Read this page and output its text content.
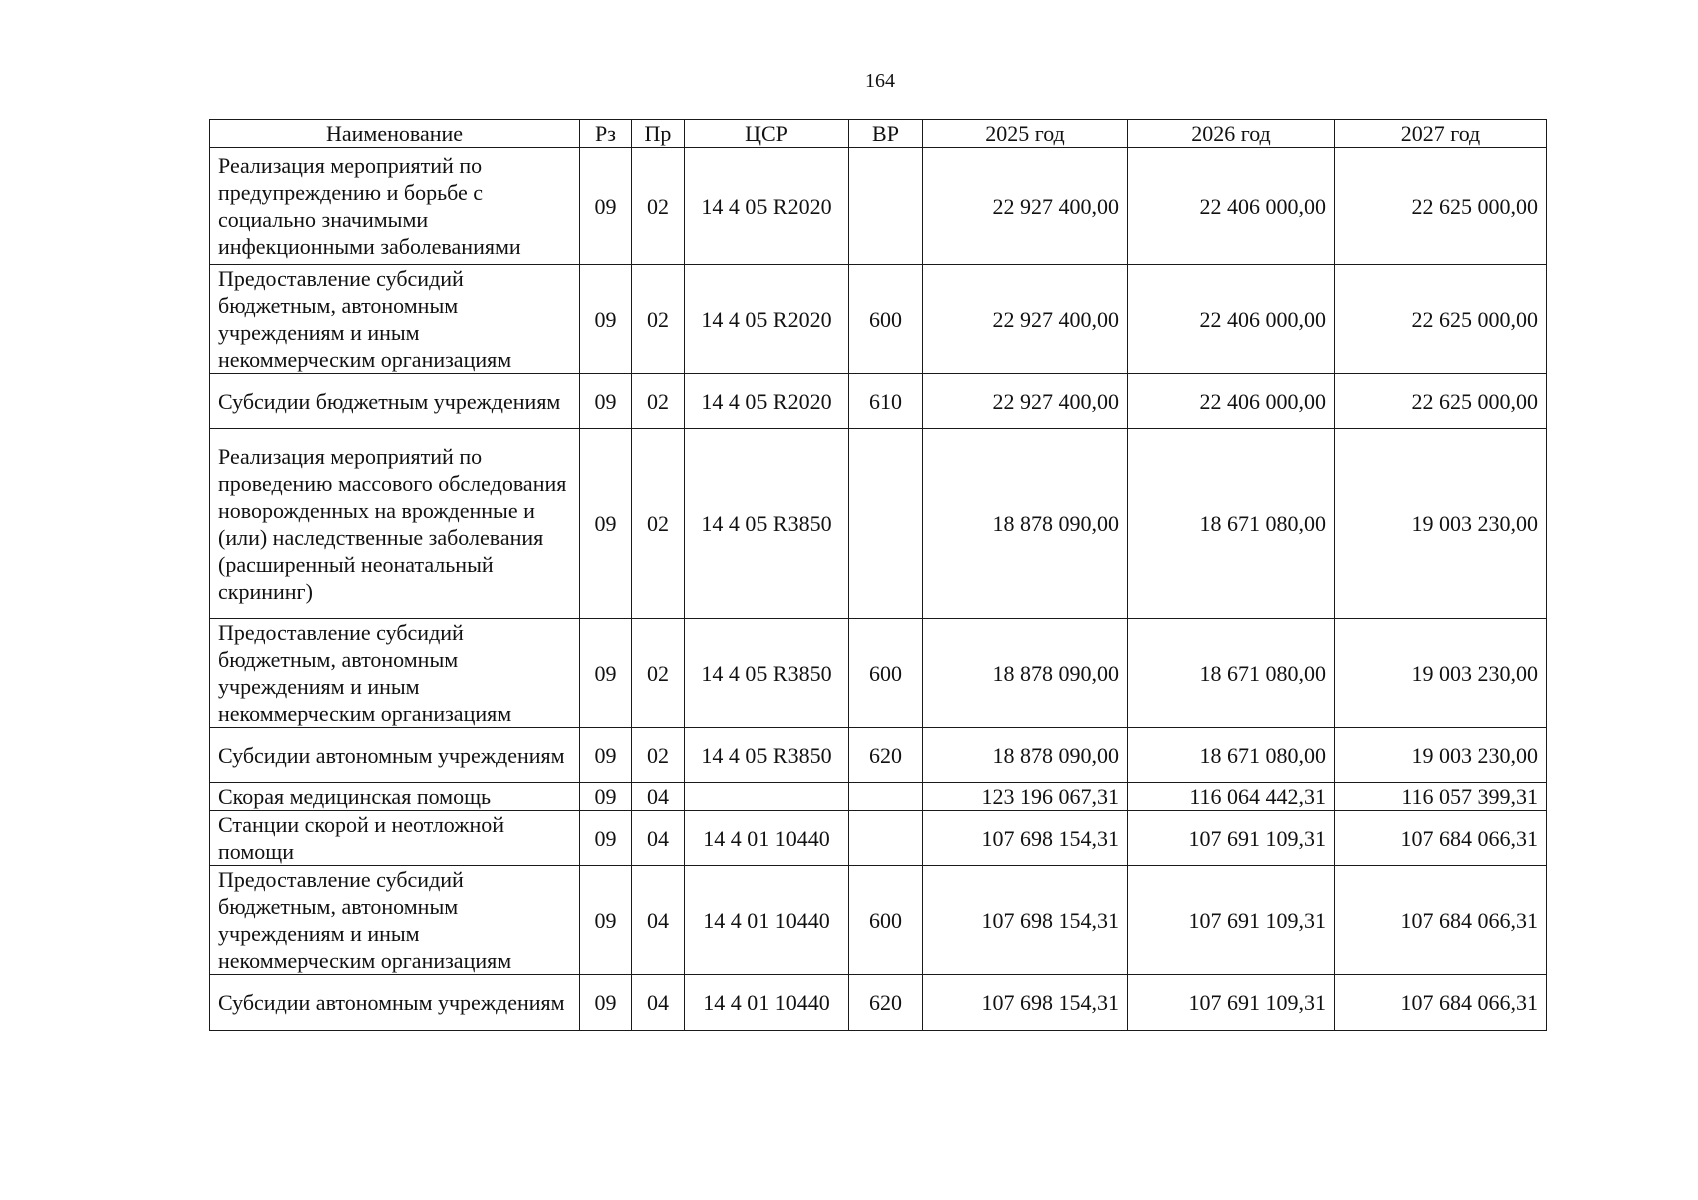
164
Наименование	Рз	Пр	ЦСР	ВР	2025 год	2026 год	2027 год
Реализация мероприятий по предупреждению и борьбе с социально значимыми инфекционными заболеваниями	09	02	14 4 05 R2020		22 927 400,00	22 406 000,00	22 625 000,00
Предоставление субсидий бюджетным, автономным учреждениям и иным некоммерческим организациям	09	02	14 4 05 R2020	600	22 927 400,00	22 406 000,00	22 625 000,00
Субсидии бюджетным учреждениям	09	02	14 4 05 R2020	610	22 927 400,00	22 406 000,00	22 625 000,00
Реализация мероприятий по проведению массового обследования новорожденных на врожденные и (или) наследственные заболевания (расширенный неонатальный скрининг)	09	02	14 4 05 R3850		18 878 090,00	18 671 080,00	19 003 230,00
Предоставление субсидий бюджетным, автономным учреждениям и иным некоммерческим организациям	09	02	14 4 05 R3850	600	18 878 090,00	18 671 080,00	19 003 230,00
Субсидии автономным учреждениям	09	02	14 4 05 R3850	620	18 878 090,00	18 671 080,00	19 003 230,00
Скорая медицинская помощь	09	04			123 196 067,31	116 064 442,31	116 057 399,31
Станции скорой и неотложной помощи	09	04	14 4 01 10440		107 698 154,31	107 691 109,31	107 684 066,31
Предоставление субсидий бюджетным, автономным учреждениям и иным некоммерческим организациям	09	04	14 4 01 10440	600	107 698 154,31	107 691 109,31	107 684 066,31
Субсидии автономным учреждениям	09	04	14 4 01 10440	620	107 698 154,31	107 691 109,31	107 684 066,31
